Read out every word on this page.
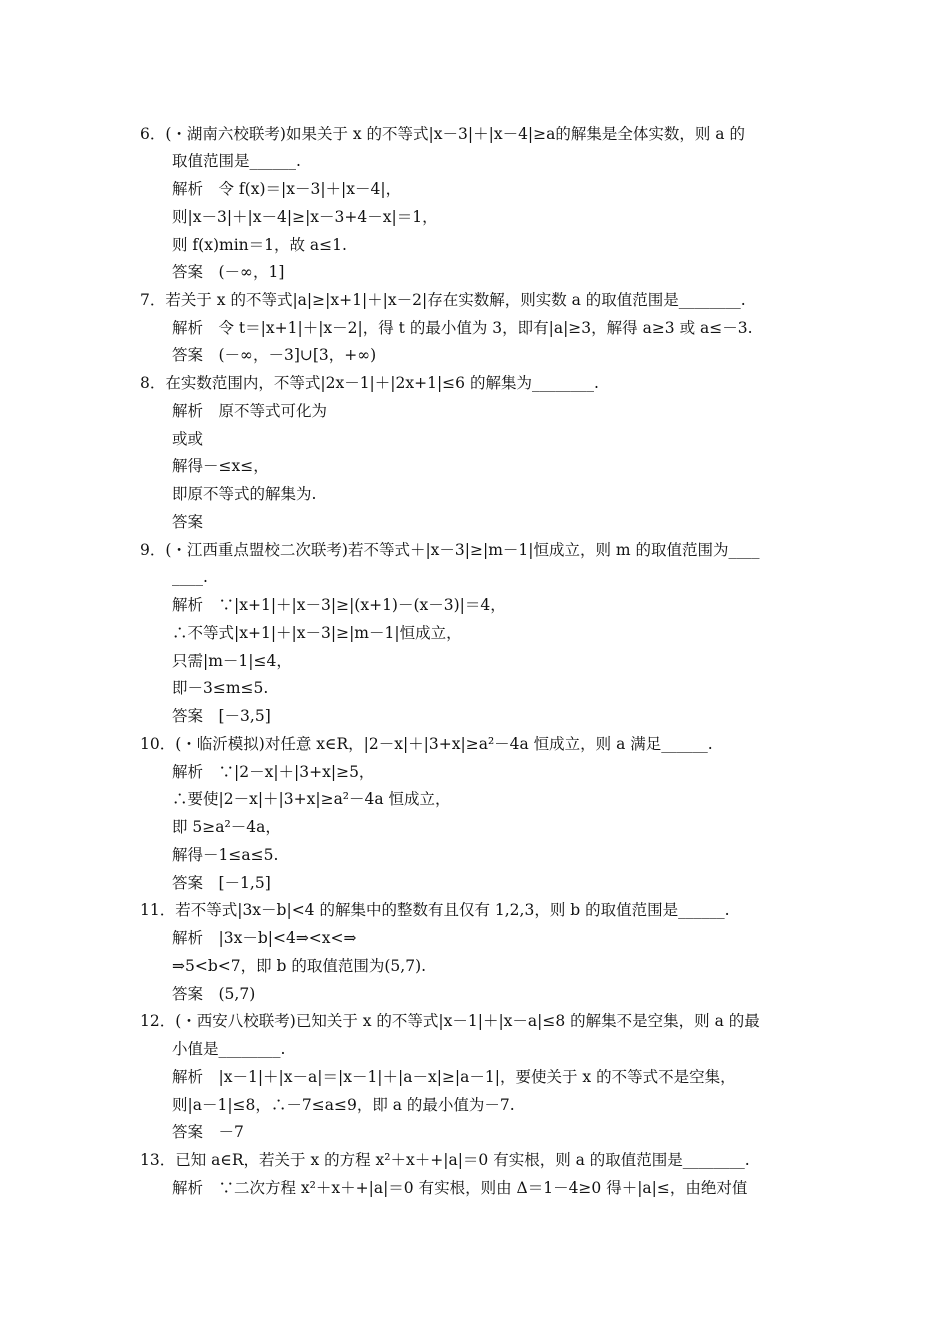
6．(・湖南六校联考)如果关于 x 的不等式|x－3|＋|x－4|≥a的解集是全体实数，则 a 的
取值范围是______.
解析　令 f(x)＝|x－3|＋|x－4|，
则|x－3|＋|x－4|≥|x－3+4－x|＝1，
则 f(x)min＝1，故 a≤1.
答案　(－∞，1]
7．若关于 x 的不等式|a|≥|x+1|＋|x－2|存在实数解，则实数 a 的取值范围是________.
解析　令 t＝|x+1|＋|x－2|，得 t 的最小值为 3，即有|a|≥3，解得 a≥3 或 a≤－3.
答案　(－∞，－3]∪[3，+∞)
8．在实数范围内，不等式|2x－1|＋|2x+1|≤6 的解集为________.
解析　原不等式可化为
或或
解得－≤x≤，
即原不等式的解集为.
答案
9．(・江西重点盟校二次联考)若不等式＋|x－3|≥|m－1|恒成立，则 m 的取值范围为____
____.
解析　∵|x+1|＋|x－3|≥|(x+1)－(x－3)|＝4，
∴不等式|x+1|＋|x－3|≥|m－1|恒成立，
只需|m－1|≤4，
即－3≤m≤5.
答案　[－3,5]
10．(・临沂模拟)对任意 x∈R，|2－x|＋|3+x|≥a²－4a 恒成立，则 a 满足______.
解析　∵|2－x|＋|3+x|≥5，
∴要使|2－x|＋|3+x|≥a²－4a 恒成立，
即 5≥a²－4a，
解得－1≤a≤5.
答案　[－1,5]
11．若不等式|3x－b|<4 的解集中的整数有且仅有 1,2,3，则 b 的取值范围是______.
解析　|3x－b|<4⇒<x<⇒
⇒5<b<7，即 b 的取值范围为(5,7).
答案　(5,7)
12．(・西安八校联考)已知关于 x 的不等式|x－1|＋|x－a|≤8 的解集不是空集，则 a 的最
小值是________.
解析　|x－1|＋|x－a|＝|x－1|＋|a－x|≥|a－1|，要使关于 x 的不等式不是空集，
则|a－1|≤8，∴－7≤a≤9，即 a 的最小值为－7.
答案　－7
13．已知 a∈R，若关于 x 的方程 x²＋x＋+|a|＝0 有实根，则 a 的取值范围是________.
解析　∵二次方程 x²＋x＋+|a|＝0 有实根，则由 Δ＝1－4≥0 得＋|a|≤，由绝对值
